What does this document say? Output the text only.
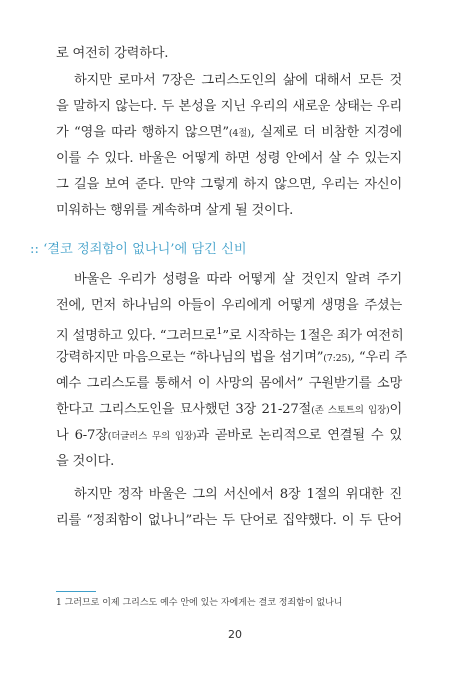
로 여전히 강력하다.
하지만 로마서 7장은 그리스도인의 삶에 대해서 모든 것
을 말하지 않는다. 두 본성을 지닌 우리의 새로운 상태는 우리
가 “영을 따라 행하지 않으면”(4절), 실제로 더 비참한 지경에
이를 수 있다. 바울은 어떻게 하면 성령 안에서 살 수 있는지
그 길을 보여 준다. 만약 그렇게 하지 않으면, 우리는 자신이
미워하는 행위를 계속하며 살게 될 것이다.
바울은 우리가 성령을 따라 어떻게 살 것인지 알려 주기
전에, 먼저 하나님의 아들이 우리에게 어떻게 생명을 주셨는
지 설명하고 있다. “그러므로$^1$”로 시작하는 1절은 죄가 여전히
강력하지만 마음으로는 “하나님의 법을 섬기며”(7:25), “우리 주
예수 그리스도를 통해서 이 사망의 몸에서” 구원받기를 소망
한다고 그리스도인을 묘사했던 3장 21-27절(존 스토트의 입장)이
나 6-7장(더글러스 무의 입장)과 곧바로 논리적으로 연결될 수 있
을 것이다.
하지만 정작 바울은 그의 서신에서 8장 1절의 위대한 진
리를 “정죄함이 없나니”라는 두 단어로 집약했다. 이 두 단어
:: ‘결코 정죄함이 없나니’에 담긴 신비
1 그러므로 이제 그리스도 예수 안에 있는 자에게는 결코 정죄함이 없나니
20
